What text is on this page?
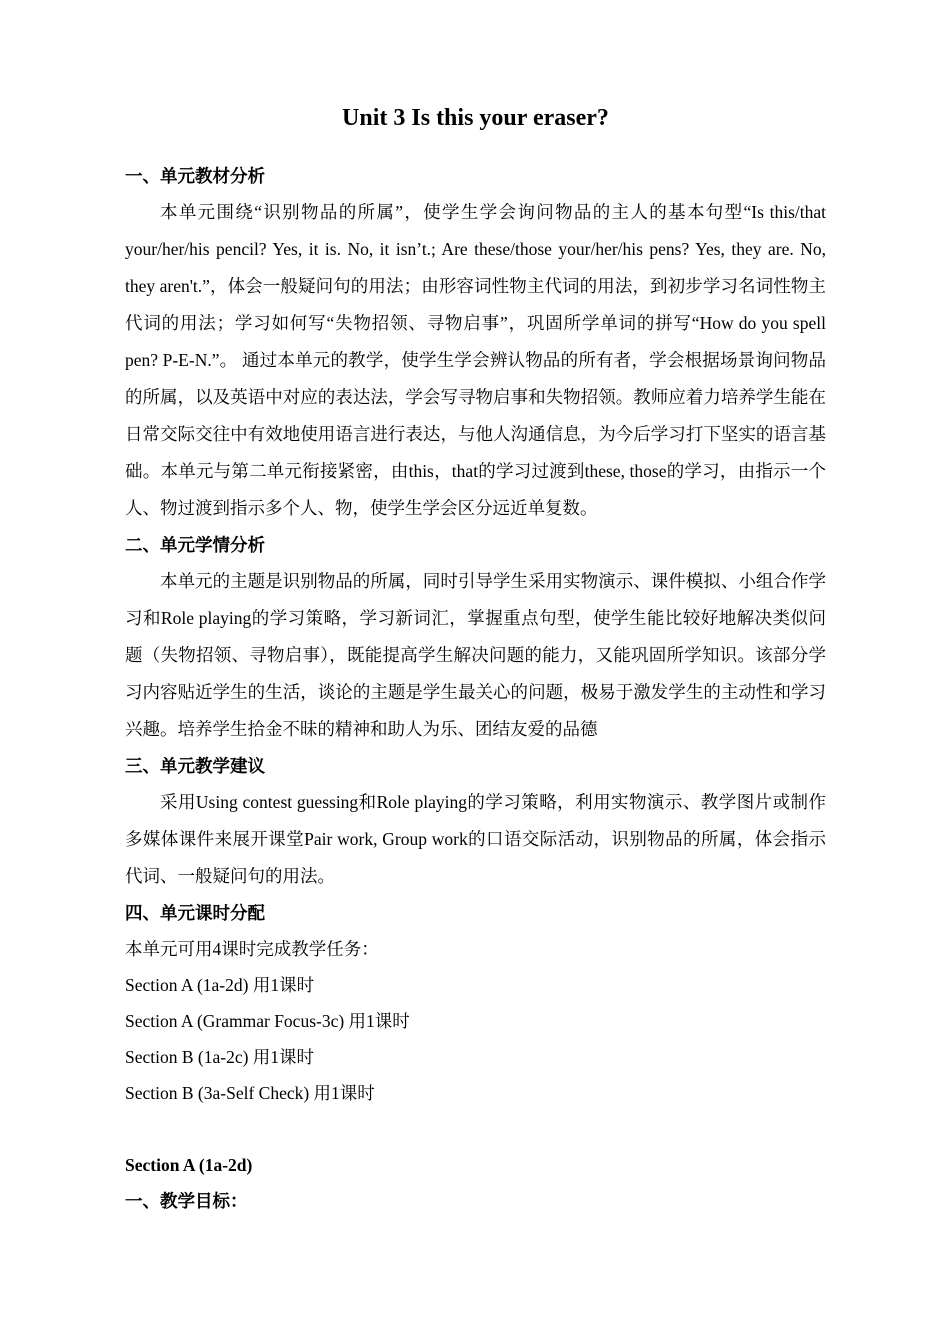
Unit 3 Is this your eraser?
一、单元教材分析

本单元围绕“识别物品的所属”，使学生学会询问物品的主人的基本句型“Is this/that your/her/his pencil? Yes, it is. No, it isn’t.; Are these/those your/her/his pens? Yes, they are. No, they aren't.”，体会一般疑问句的用法；由形容词性物主代词的用法，到初步学习名词性物主代词的用法；学习如何写“失物招领、寻物启事”，巩固所学单词的拼写“How do you spell pen? P-E-N.”。 通过本单元的教学，使学生学会辨认物品的所有者，学会根据场景询问物品的所属，以及英语中对应的表达法，学会写寻物启事和失物招领。教师应着力培养学生能在日常交际交往中有效地使用语言进行表达，与他人沟通信息，为今后学习打下坚实的语言基础。本单元与第二单元衔接紧密，由this，that的学习过渡到these, those的学习，由指示一个人、物过渡到指示多个人、物，使学生学会区分远近单复数。

二、单元学情分析

本单元的主题是识别物品的所属，同时引导学生采用实物演示、课件模拟、小组合作学习和Role playing的学习策略，学习新词汇，掌握重点句型，使学生能比较好地解决类似问题（失物招领、寻物启事），既能提高学生解决问题的能力，又能巩固所学知识。该部分学习内容贴近学生的生活，谈论的主题是学生最关心的问题，极易于激发学生的主动性和学习兴趣。培养学生拾金不昧的精神和助人为乐、团结友爱的品德

三、单元教学建议

采用Using contest guessing和Role playing的学习策略，利用实物演示、教学图片或制作多媒体课件来展开课堂Pair work, Group work的口语交际活动，识别物品的所属，体会指示代词、一般疑问句的用法。

四、单元课时分配
本单元可用4课时完成教学任务：
Section A (1a-2d) 用1课时
Section A (Grammar Focus-3c) 用1课时
Section B (1a-2c) 用1课时
Section B (3a-Self Check) 用1课时
Section A (1a-2d)
一、教学目标：
